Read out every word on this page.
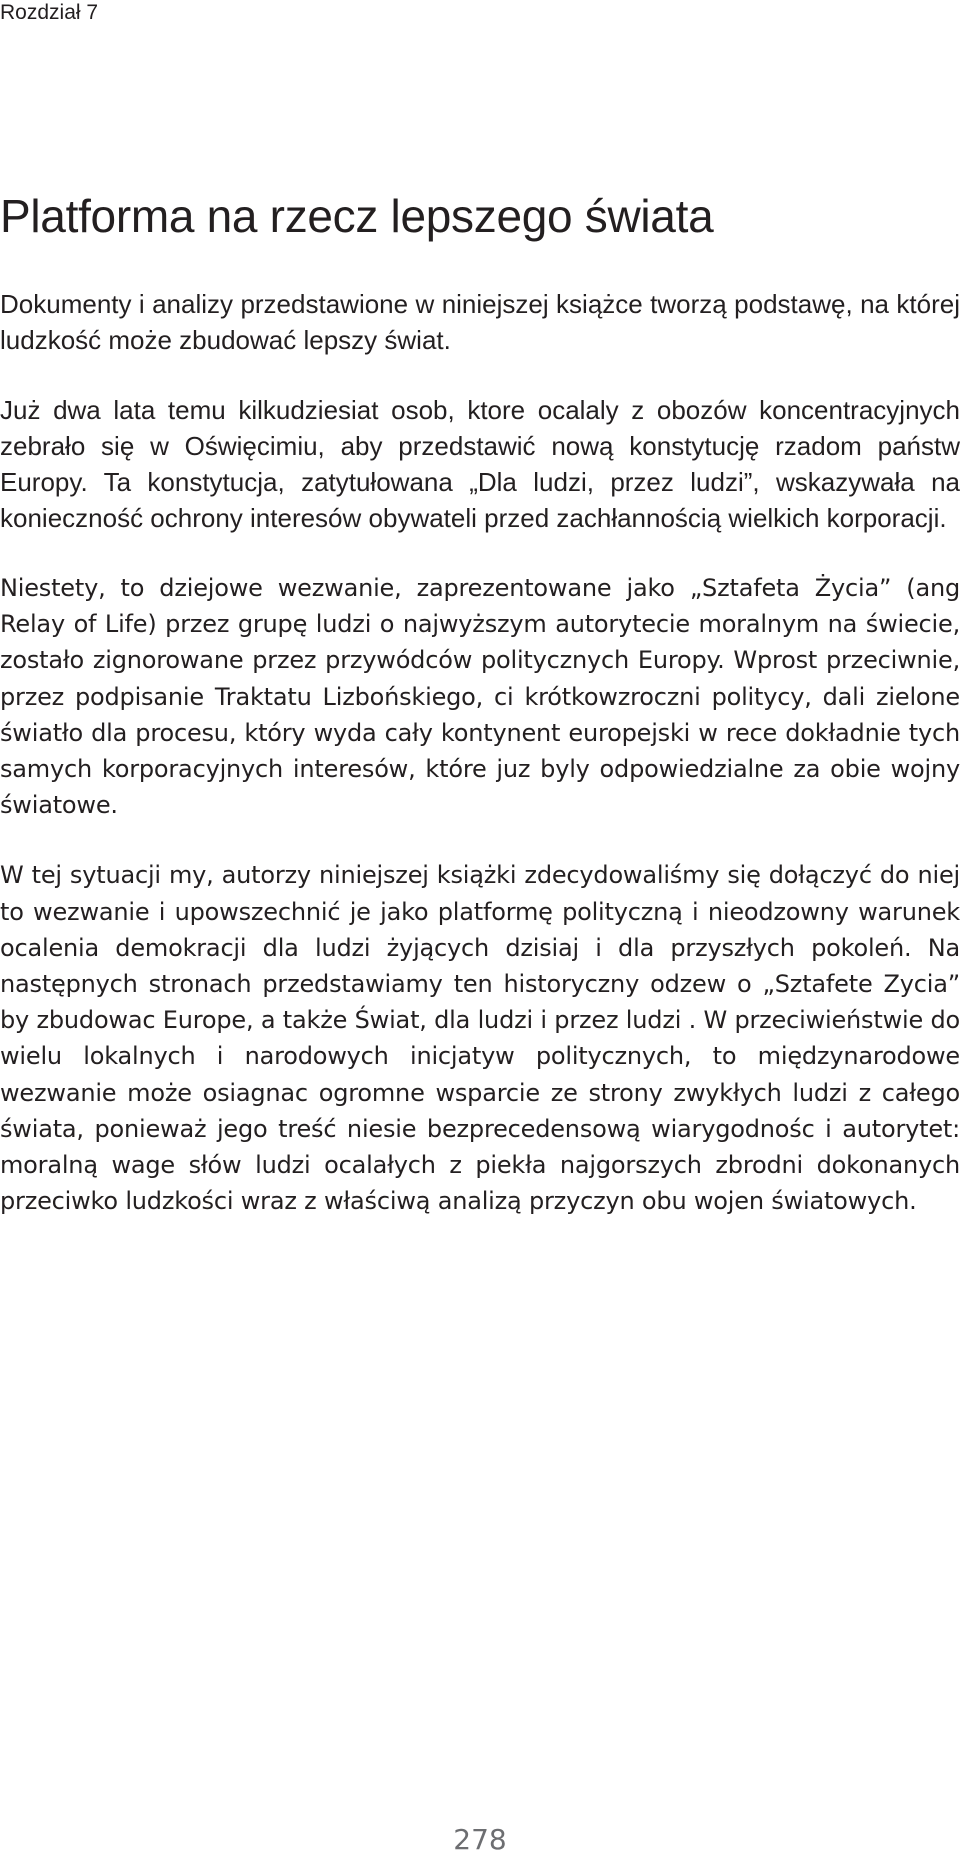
Rozdział 7
Platforma na rzecz lepszego świata

Dokumenty i analizy przedstawione w niniejszej książce tworzą podstawę, na której ludzkość może zbudować lepszy świat.

Już dwa lata temu kilkudziesiat osob, ktore ocalaly z obozów koncentracyjnych zebrało się w Oświęcimiu, aby przedstawić nową konstytucję rzadom państw Europy. Ta konstytucja, zatytułowana „Dla ludzi, przez ludzi”, wskazywała na konieczność ochrony interesów obywateli przed zachłannością wielkich korporacji.

Niestety, to dziejowe wezwanie, zaprezentowane jako „Sztafeta Życia” (ang Relay of Life) przez grupę ludzi o najwyższym autorytecie moralnym na świecie, zostało zignorowane przez przywódców politycznych Europy. Wprost przeciwnie, przez podpisanie Traktatu Lizbońskiego, ci krótkowzroczni politycy, dali zielone światło dla procesu, który wyda cały kontynent europejski w rece dokładnie tych samych korporacyjnych interesów, które juz byly odpowiedzialne za obie wojny światowe.

W tej sytuacji my, autorzy niniejszej książki zdecydowaliśmy się dołączyć do niej to wezwanie i upowszechnić je jako platformę polityczną i nieodzowny warunek ocalenia demokracji dla ludzi żyjących dzisiaj i dla przyszłych pokoleń. Na następnych stronach przedstawiamy ten historyczny odzew o „Sztafete Zycia” by zbudowac Europe, a także Świat, dla ludzi i przez ludzi . W przeciwieństwie do wielu lokalnych i narodowych inicjatyw politycznych, to międzynarodowe wezwanie może osiagnac ogromne wsparcie ze strony zwykłych ludzi z całego świata, ponieważ jego treść niesie bezprecedensową wiarygodnośc i autorytet: moralną wage słów ludzi ocalałych z piekła najgorszych zbrodni dokonanych przeciwko ludzkości wraz z właściwą analizą przyczyn obu wojen światowych.

278
